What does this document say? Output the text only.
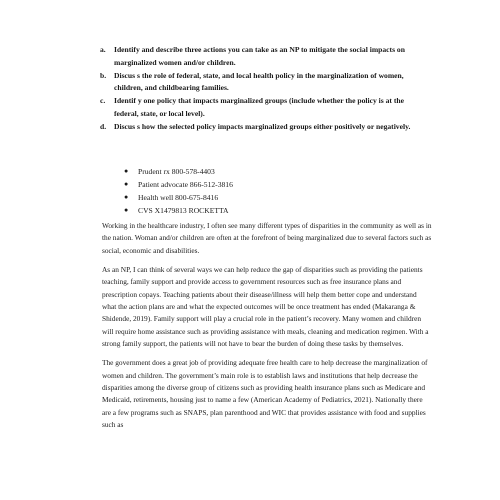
a.	Identify and describe three actions you can take as an NP to mitigate the social impacts on marginalized women and/or children.
b.	Discus s the role of federal, state, and local health policy in the marginalization of women, children, and childbearing families.
c.	Identif y one policy that impacts marginalized groups (include whether the policy is at the federal, state, or local level).
d.	Discus s how the selected policy impacts marginalized groups either positively or negatively.
●	Prudent rx 800-578-4403
●	Patient advocate 866-512-3816
●	Health well 800-675-8416
●	CVS X1479813 ROCKETTA

Working in the healthcare industry, I often see many different types of disparities in the community as well as in the nation. Woman and/or children are often at the forefront of being marginalized due to several factors such as social, economic and disabilities.

As an NP, I can think of several ways we can help reduce the gap of disparities such as providing the patients teaching, family support and provide access to government resources such as free insurance plans and prescription copays. Teaching patients about their disease/illness will help them better cope and understand what the action plans are and what the expected outcomes will be once treatment has ended (Makaranga & Shidende, 2019). Family support will play a crucial role in the patient’s recovery. Many women and children will require home assistance such as providing assistance with meals, cleaning and medication regimen. With a strong family support, the patients will not have to bear the burden of doing these tasks by themselves.

The government does a great job of providing adequate free health care to help decrease the marginalization of women and children. The government’s main role is to establish laws and institutions that help decrease the disparities among the diverse group of citizens such as providing health insurance plans such as Medicare and Medicaid, retirements, housing just to name a few (American Academy of Pediatrics, 2021). Nationally there are a few programs such as SNAPS, plan parenthood and WIC that provides assistance with food and supplies such as
